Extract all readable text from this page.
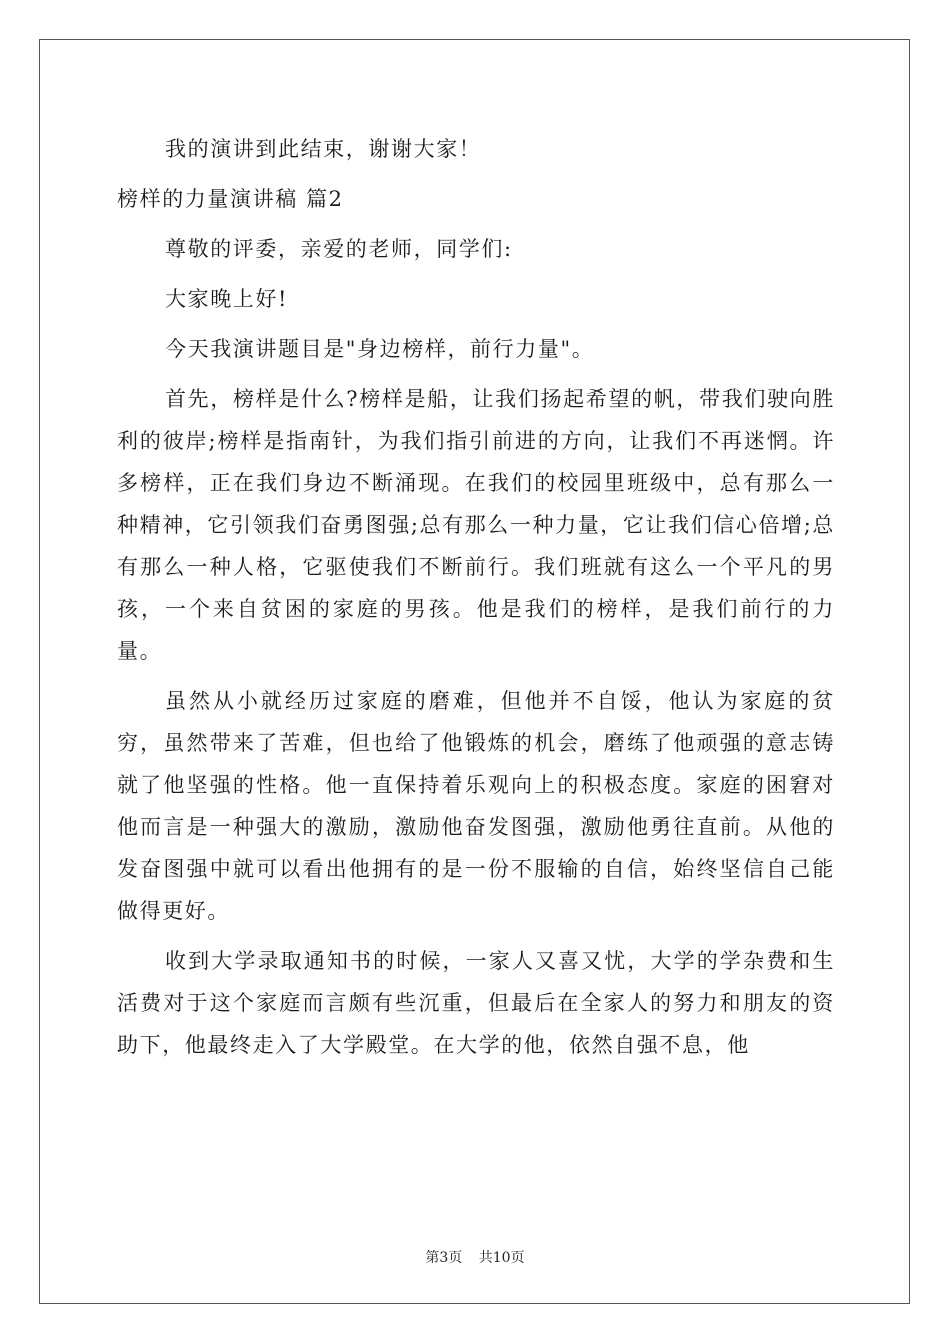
我的演讲到此结束，谢谢大家！

榜样的力量演讲稿 篇2

尊敬的评委，亲爱的老师，同学们:

大家晚上好!

今天我演讲题目是"身边榜样，前行力量"。

首先，榜样是什么?榜样是船，让我们扬起希望的帆，带我们驶向胜利的彼岸;榜样是指南针，为我们指引前进的方向，让我们不再迷惘。许多榜样，正在我们身边不断涌现。在我们的校园里班级中，总有那么一种精神，它引领我们奋勇图强;总有那么一种力量，它让我们信心倍增;总有那么一种人格，它驱使我们不断前行。我们班就有这么一个平凡的男孩，一个来自贫困的家庭的男孩。他是我们的榜样，是我们前行的力量。

虽然从小就经历过家庭的磨难，但他并不自馁，他认为家庭的贫穷，虽然带来了苦难，但也给了他锻炼的机会，磨练了他顽强的意志铸就了他坚强的性格。他一直保持着乐观向上的积极态度。家庭的困窘对他而言是一种强大的激励，激励他奋发图强，激励他勇往直前。从他的发奋图强中就可以看出他拥有的是一份不服输的自信，始终坚信自己能做得更好。

收到大学录取通知书的时候，一家人又喜又忧，大学的学杂费和生活费对于这个家庭而言颇有些沉重，但最后在全家人的努力和朋友的资助下，他最终走入了大学殿堂。在大学的他，依然自强不息，他

第3页 共10页
